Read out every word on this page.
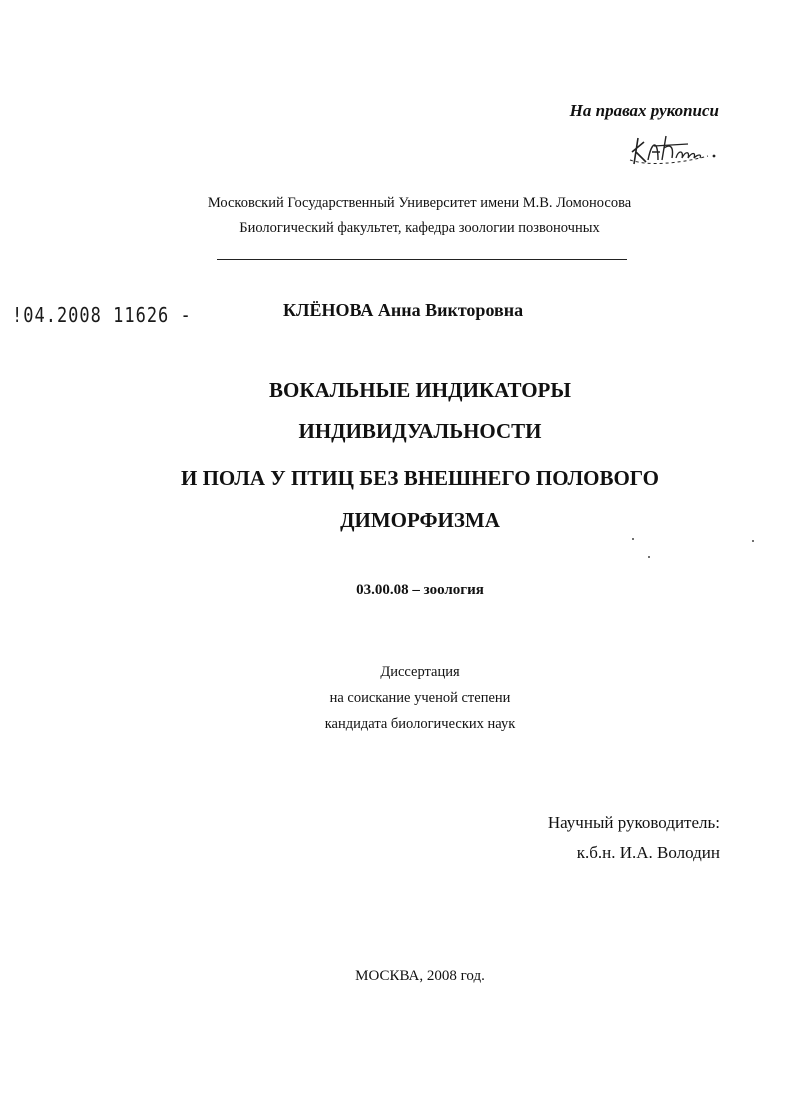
На правах рукописи
Московский Государственный Университет имени М.В. Ломоносова
Биологический факультет, кафедра зоологии позвоночных
!04.2008 11626 -	КЛЁНОВА Анна Викторовна
ВОКАЛЬНЫЕ ИНДИКАТОРЫ
ИНДИВИДУАЛЬНОСТИ
И ПОЛА У ПТИЦ БЕЗ ВНЕШНЕГО ПОЛОВОГО
ДИМОРФИЗМА
03.00.08 – зоология
Диссертация
на соискание ученой степени
кандидата биологических наук
Научный руководитель:
к.б.н. И.А. Володин
МОСКВА, 2008 год.
